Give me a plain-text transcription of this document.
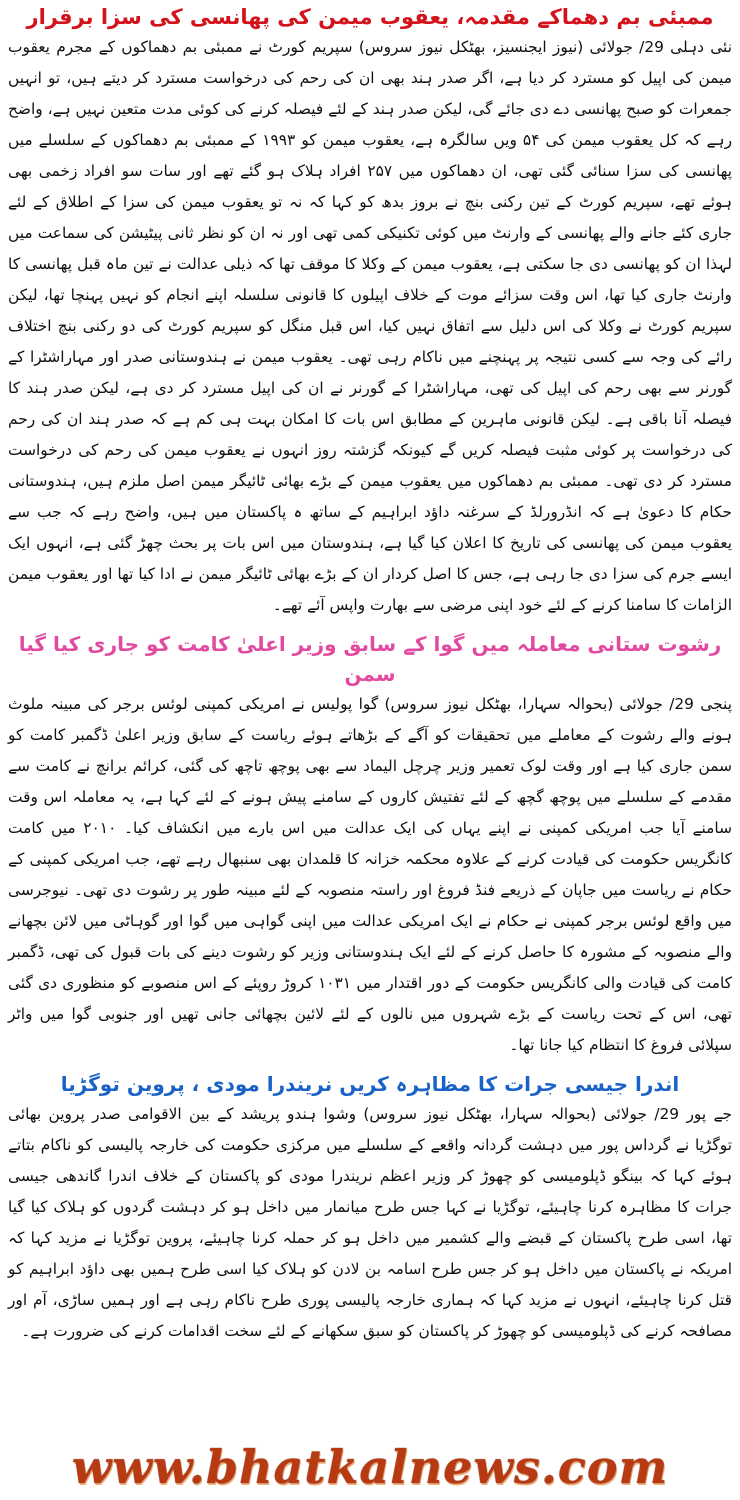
ممبئی بم دھماکے مقدمہ، یعقوب میمن کی پھانسی کی سزا برقرار

نئی دہلی 29/ جولائی (نیوز ایجنسیز، بھٹکل نیوز سروس) سپریم کورٹ نے ممبئی بم دھماکوں کے مجرم یعقوب میمن کی اپیل کو مسترد کر دیا ہے، اگر صدر ہند بھی ان کی رحم کی درخواست مسترد کر دیتے ہیں، تو انہیں جمعرات کو صبح پھانسی دے دی جائے گی، لیکن صدر ہند کے لئے فیصلہ کرنے کی کوئی مدت متعین نہیں ہے، واضح رہے کہ کل یعقوب میمن کی ۵۴ ویں سالگرہ ہے، یعقوب میمن کو ۱۹۹۳ کے ممبئی بم دھماکوں کے سلسلے میں پھانسی کی سزا سنائی گئی تھی، ان دھماکوں میں ۲۵۷ افراد ہلاک ہو گئے تھے اور سات سو افراد زخمی بھی ہوئے تھے، سپریم کورٹ کے تین رکنی بنچ نے بروز بدھ کو کہا کہ نہ تو یعقوب میمن کی سزا کے اطلاق کے لئے جاری کئے جانے والے پھانسی کے وارنٹ میں کوئی تکنیکی کمی تھی اور نہ ان کو نظر ثانی پیٹیشن کی سماعت میں لہذا ان کو پھانسی دی جا سکتی ہے، یعقوب میمن کے وکلا کا موقف تھا کہ ذیلی عدالت نے تین ماہ قبل پھانسی کا وارنٹ جاری کیا تھا، اس وقت سزائے موت کے خلاف اپیلوں کا قانونی سلسلہ اپنے انجام کو نہیں پہنچا تھا، لیکن سپریم کورٹ نے وکلا کی اس دلیل سے اتفاق نہیں کیا، اس قبل منگل کو سپریم کورٹ کی دو رکنی بنچ اختلاف رائے کی وجہ سے کسی نتیجہ پر پہنچنے میں ناکام رہی تھی۔ یعقوب میمن نے ہندوستانی صدر اور مہاراشٹرا کے گورنر سے بھی رحم کی اپیل کی تھی، مہاراشٹرا کے گورنر نے ان کی اپیل مسترد کر دی ہے، لیکن صدر ہند کا فیصلہ آنا باقی ہے۔ لیکن قانونی ماہرین کے مطابق اس بات کا امکان بہت ہی کم ہے کہ صدر ہند ان کی رحم کی درخواست پر کوئی مثبت فیصلہ کریں گے کیونکہ گزشتہ روز انہوں نے یعقوب میمن کی رحم کی درخواست مسترد کر دی تھی۔ ممبئی بم دھماکوں میں یعقوب میمن کے بڑے بھائی ٹائیگر میمن اصل ملزم ہیں، ہندوستانی حکام کا دعویٰ ہے کہ انڈرورلڈ کے سرغنہ داؤد ابراہیم کے ساتھ ہ پاکستان میں ہیں، واضح رہے کہ جب سے یعقوب میمن کی پھانسی کی تاریخ کا اعلان کیا گیا ہے، ہندوستان میں اس بات پر بحث چھڑ گئی ہے، انہوں ایک ایسے جرم کی سزا دی جا رہی ہے، جس کا اصل کردار ان کے بڑے بھائی ٹائیگر میمن نے ادا کیا تھا اور یعقوب میمن الزامات کا سامنا کرنے کے لئے خود اپنی مرضی سے بھارت واپس آئے تھے۔

رشوت ستانی معاملہ میں گوا کے سابق وزیر اعلیٰ کامت کو جاری کیا گیا سمن

پنجی 29/ جولائی (بحوالہ سہارا، بھٹکل نیوز سروس) گوا پولیس نے امریکی کمپنی لوئس برجر کی مبینہ ملوث ہونے والے رشوت کے معاملے میں تحقیقات کو آگے کے بڑھاتے ہوئے ریاست کے سابق وزیر اعلیٰ ڈگمبر کامت کو سمن جاری کیا ہے اور وقت لوک تعمیر وزیر چرچل الیماد سے بھی پوچھ تاچھ کی گئی، کرائم برانچ نے کامت سے مقدمے کے سلسلے میں پوچھ گچھ کے لئے تفتیش کاروں کے سامنے پیش ہونے کے لئے کہا ہے، یہ معاملہ اس وقت سامنے آیا جب امریکی کمپنی نے اپنے یہاں کی ایک عدالت میں اس بارے میں انکشاف کیا۔ ۲۰۱۰ میں کامت کانگریس حکومت کی قیادت کرنے کے علاوہ محکمہ خزانہ کا قلمدان بھی سنبھال رہے تھے، جب امریکی کمپنی کے حکام نے ریاست میں جاپان کے ذریعے فنڈ فروغ اور راستہ منصوبہ کے لئے مبینہ طور پر رشوت دی تھی۔ نیوجرسی میں واقع لوئس برجر کمپنی نے حکام نے ایک امریکی عدالت میں اپنی گواہی میں گوا اور گوہاٹی میں لائن بچھانے والے منصوبہ کے مشورہ کا حاصل کرنے کے لئے ایک ہندوستانی وزیر کو رشوت دینے کی بات قبول کی تھی، ڈگمبر کامت کی قیادت والی کانگریس حکومت کے دور اقتدار میں ۱۰۳۱ کروڑ روپئے کے اس منصوبے کو منظوری دی گئی تھی، اس کے تحت ریاست کے بڑے شہروں میں نالوں کے لئے لائین بچھائی جانی تھیں اور جنوبی گوا میں واٹر سپلائی فروغ کا انتظام کیا جانا تھا۔

اندرا جیسی جرات کا مظاہرہ کریں نریندرا مودی ، پروین توگڑیا

جے پور 29/ جولائی (بحوالہ سہارا، بھٹکل نیوز سروس) وشوا ہندو پریشد کے بین الاقوامی صدر پروین بھائی توگڑیا نے گرداس پور میں دہشت گردانہ واقعے کے سلسلے میں مرکزی حکومت کی خارجہ پالیسی کو ناکام بتاتے ہوئے کہا کہ بینگو ڈپلومیسی کو چھوڑ کر وزیر اعظم نریندرا مودی کو پاکستان کے خلاف اندرا گاندھی جیسی جرات کا مظاہرہ کرنا چاہیئے، توگڑیا نے کہا جس طرح میانمار میں داخل ہو کر دہشت گردوں کو ہلاک کیا گیا تھا، اسی طرح پاکستان کے قبضے والے کشمیر میں داخل ہو کر حملہ کرنا چاہیئے، پروین توگڑیا نے مزید کہا کہ امریکہ نے پاکستان میں داخل ہو کر جس طرح اسامہ بن لادن کو ہلاک کیا اسی طرح ہمیں بھی داؤد ابراہیم کو قتل کرنا چاہیئے، انہوں نے مزید کہا کہ ہماری خارجہ پالیسی پوری طرح ناکام رہی ہے اور ہمیں ساڑی، آم اور مصافحہ کرنے کی ڈپلومیسی کو چھوڑ کر پاکستان کو سبق سکھانے کے لئے سخت اقدامات کرنے کی ضرورت ہے۔

www.bhatkalnews.com
